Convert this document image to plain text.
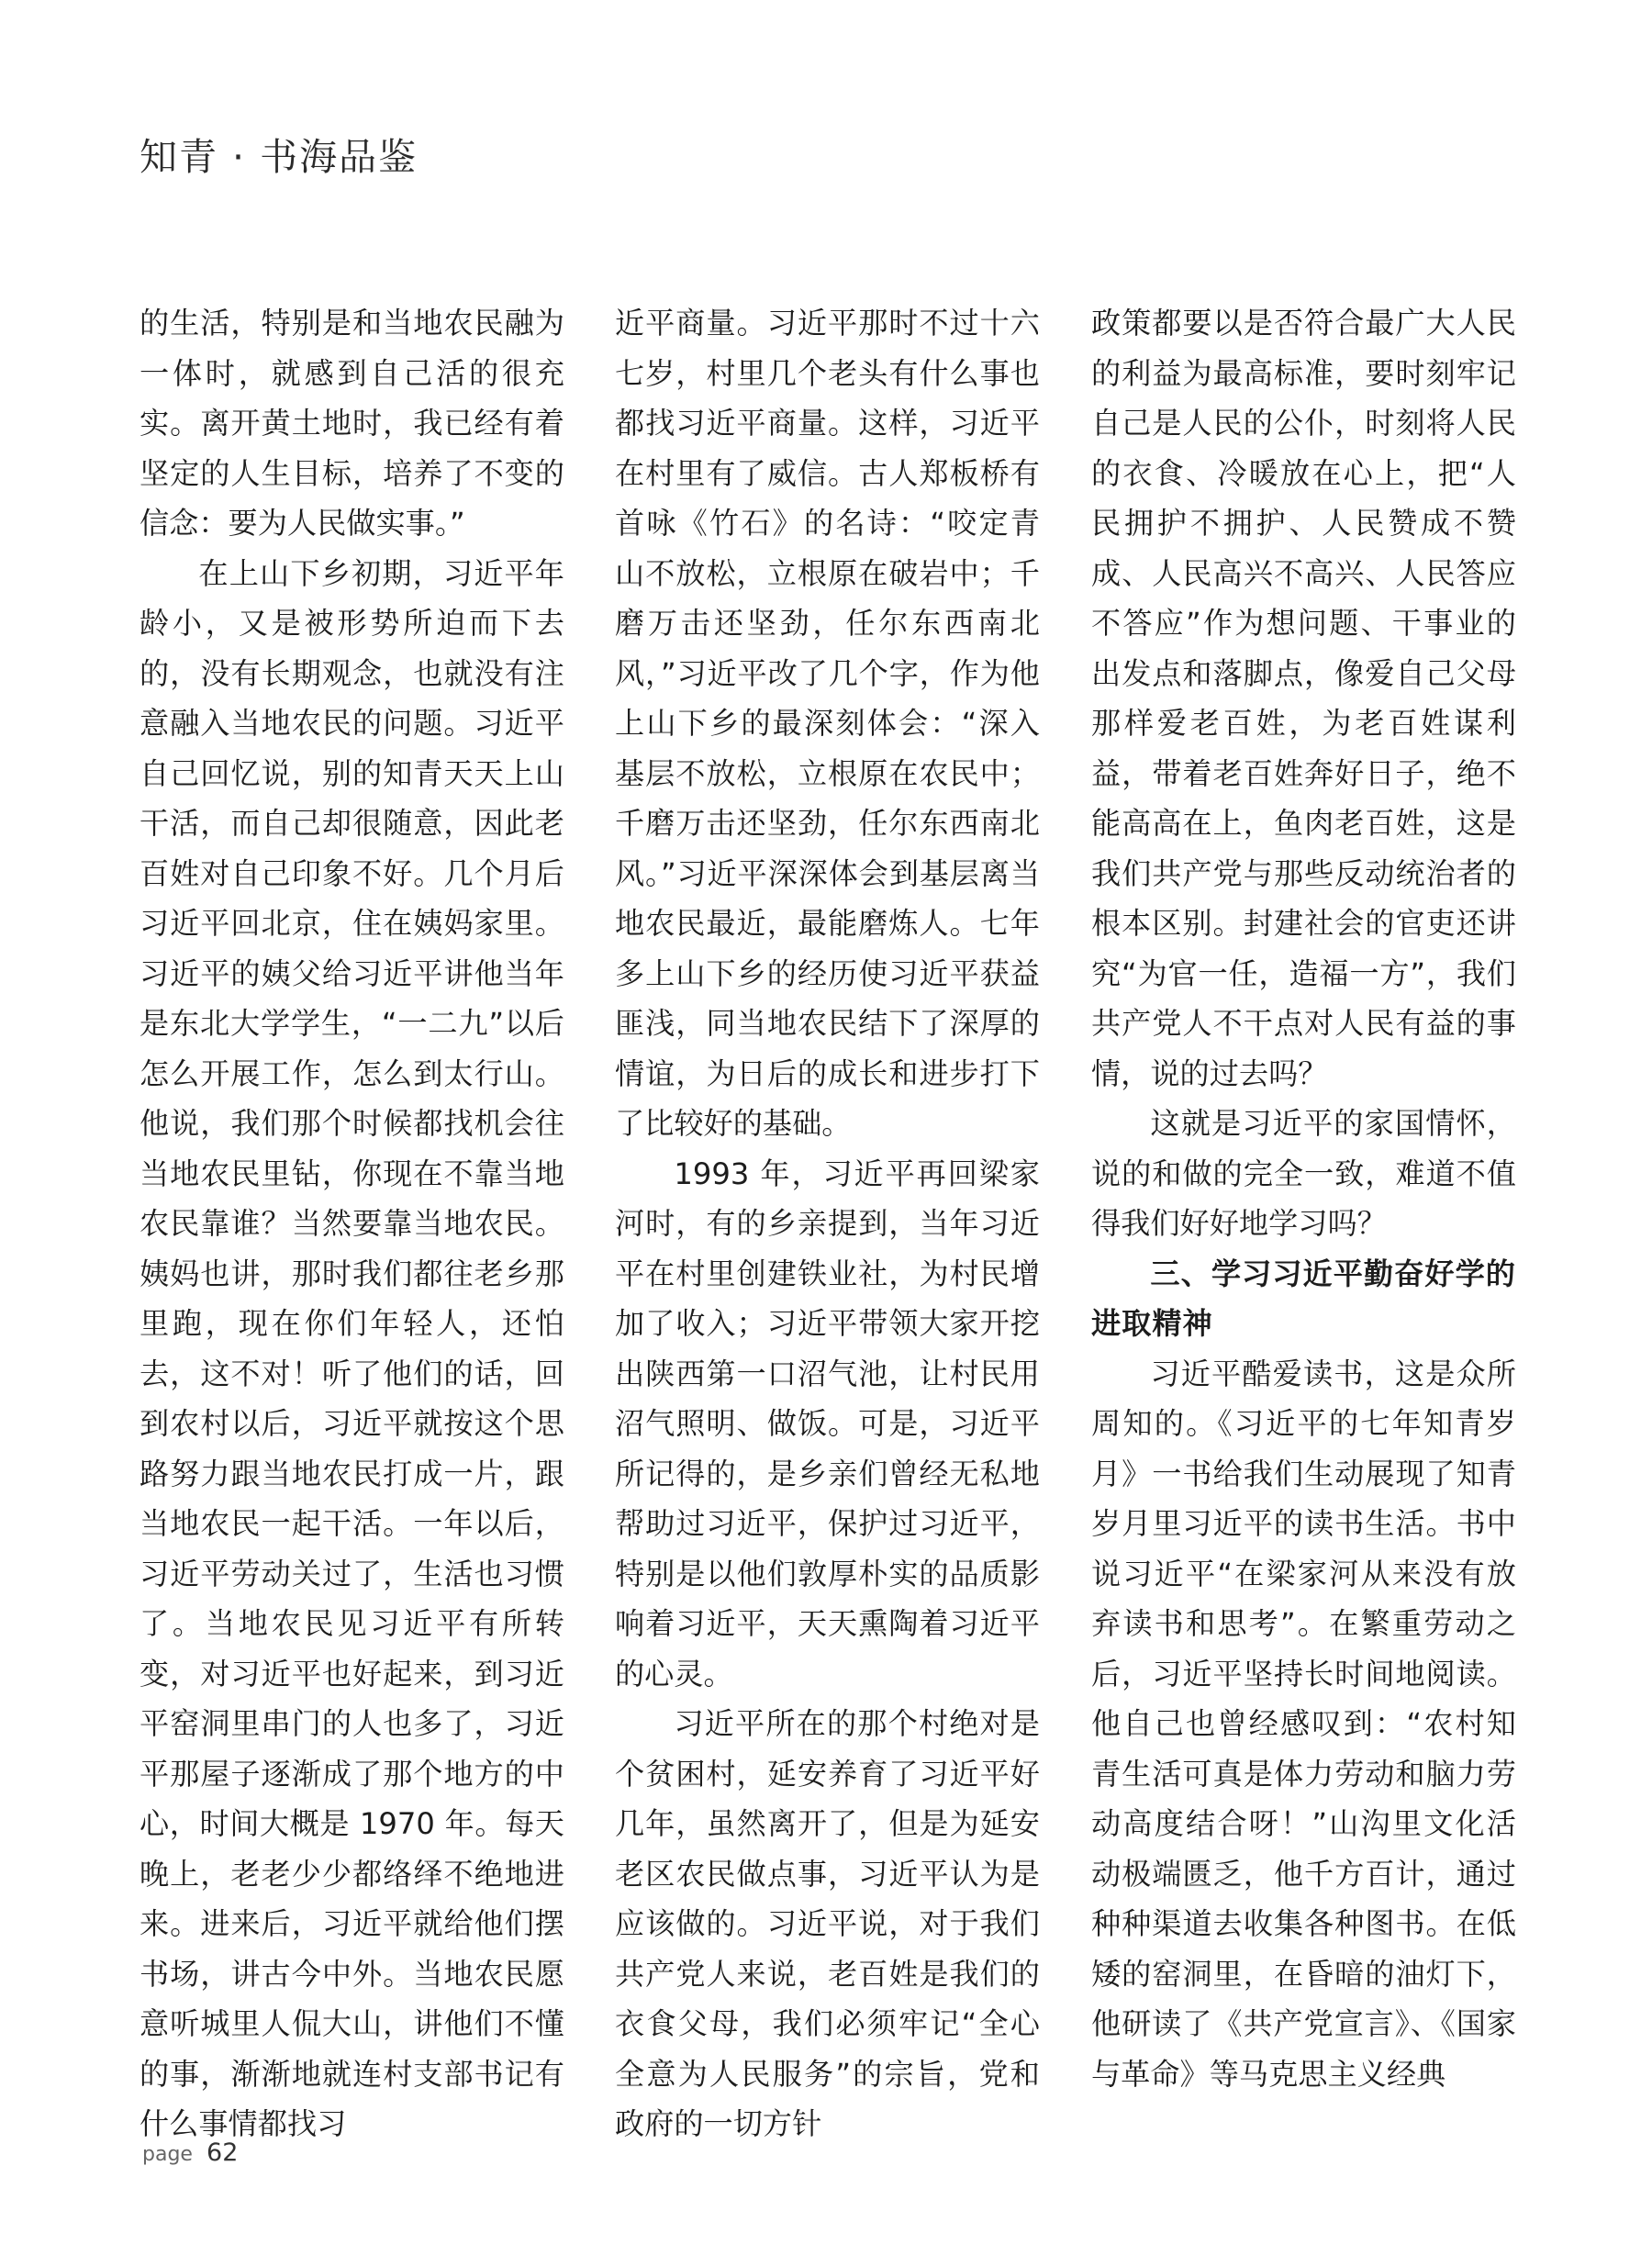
知青 · 书海品鉴

的生活，特别是和当地农民融为一体时，就感到自己活的很充实。离开黄土地时，我已经有着坚定的人生目标，培养了不变的信念：要为人民做实事。”

在上山下乡初期，习近平年龄小，又是被形势所迫而下去的，没有长期观念，也就没有注意融入当地农民的问题。习近平自己回忆说，别的知青天天上山干活，而自己却很随意，因此老百姓对自己印象不好。几个月后习近平回北京，住在姨妈家里。习近平的姨父给习近平讲他当年是东北大学学生，“一二九”以后怎么开展工作，怎么到太行山。他说，我们那个时候都找机会往当地农民里钻，你现在不靠当地农民靠谁？当然要靠当地农民。姨妈也讲，那时我们都往老乡那里跑，现在你们年轻人，还怕去，这不对！听了他们的话，回到农村以后，习近平就按这个思路努力跟当地农民打成一片，跟当地农民一起干活。一年以后，习近平劳动关过了，生活也习惯了。当地农民见习近平有所转变，对习近平也好起来，到习近平窑洞里串门的人也多了，习近平那屋子逐渐成了那个地方的中心，时间大概是 1970 年。每天晚上，老老少少都络绎不绝地进来。进来后，习近平就给他们摆书场，讲古今中外。当地农民愿意听城里人侃大山，讲他们不懂的事，渐渐地就连村支部书记有什么事情都找习

近平商量。习近平那时不过十六七岁，村里几个老头有什么事也都找习近平商量。这样，习近平在村里有了威信。古人郑板桥有首咏《竹石》的名诗：“咬定青山不放松，立根原在破岩中；千磨万击还坚劲，任尔东西南北风，”习近平改了几个字，作为他上山下乡的最深刻体会：“深入基层不放松，立根原在农民中；千磨万击还坚劲，任尔东西南北风。”习近平深深体会到基层离当地农民最近，最能磨炼人。七年多上山下乡的经历使习近平获益匪浅，同当地农民结下了深厚的情谊，为日后的成长和进步打下了比较好的基础。

1993 年，习近平再回梁家河时，有的乡亲提到，当年习近平在村里创建铁业社，为村民增加了收入；习近平带领大家开挖出陕西第一口沼气池，让村民用沼气照明、做饭。可是，习近平所记得的，是乡亲们曾经无私地帮助过习近平，保护过习近平，特别是以他们敦厚朴实的品质影响着习近平，天天熏陶着习近平的心灵。

习近平所在的那个村绝对是个贫困村，延安养育了习近平好几年，虽然离开了，但是为延安老区农民做点事，习近平认为是应该做的。习近平说，对于我们共产党人来说，老百姓是我们的衣食父母，我们必须牢记“全心全意为人民服务”的宗旨，党和政府的一切方针

政策都要以是否符合最广大人民的利益为最高标准，要时刻牢记自己是人民的公仆，时刻将人民的衣食、冷暖放在心上，把“人民拥护不拥护、人民赞成不赞成、人民高兴不高兴、人民答应不答应”作为想问题、干事业的出发点和落脚点，像爱自己父母那样爱老百姓，为老百姓谋利益，带着老百姓奔好日子，绝不能高高在上，鱼肉老百姓，这是我们共产党与那些反动统治者的根本区别。封建社会的官吏还讲究“为官一任，造福一方”，我们共产党人不干点对人民有益的事情，说的过去吗？

这就是习近平的家国情怀，说的和做的完全一致，难道不值得我们好好地学习吗？

三、学习习近平勤奋好学的进取精神

习近平酷爱读书，这是众所周知的。《习近平的七年知青岁月》一书给我们生动展现了知青岁月里习近平的读书生活。书中说习近平“在梁家河从来没有放弃读书和思考”。在繁重劳动之后，习近平坚持长时间地阅读。他自己也曾经感叹到：“农村知青生活可真是体力劳动和脑力劳动高度结合呀！”山沟里文化活动极端匮乏，他千方百计，通过种种渠道去收集各种图书。在低矮的窑洞里，在昏暗的油灯下，他研读了《共产党宣言》、《国家与革命》等马克思主义经典

page 62
